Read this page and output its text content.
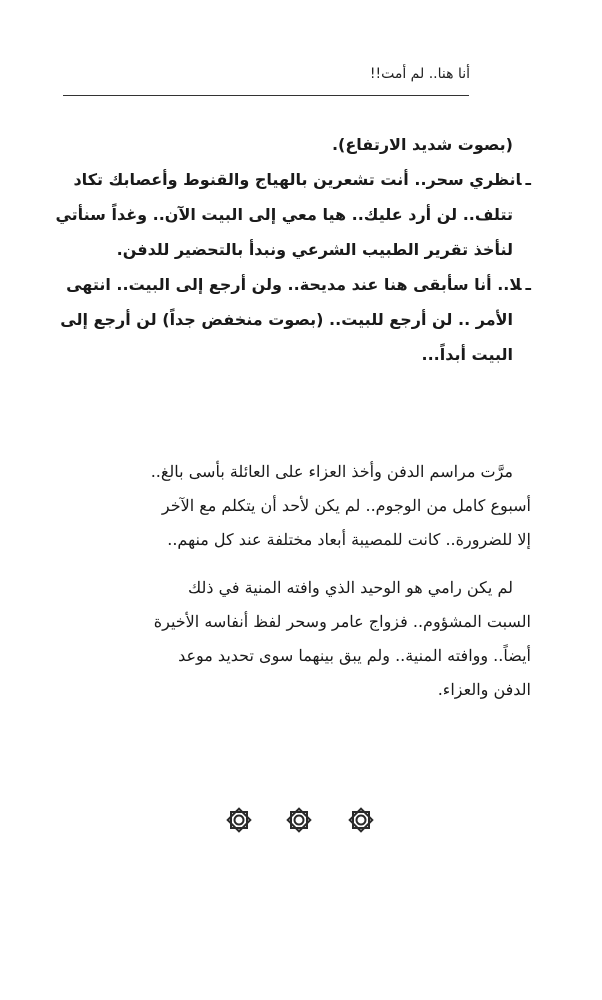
أنا هنا.. لم أمت!!
(بصوت شديد الارتفاع).
ـانظري سحر.. أنت تشعرين بالهياج والقنوط وأعصابك تكاد
تتلف.. لن أرد عليك.. هيا معي إلى البيت الآن.. وغداً سنأتي
لنأخذ تقرير الطبيب الشرعي ونبدأ بالتحضير للدفن.
ـلا.. أنا سأبقى هنا عند مديحة.. ولن أرجع إلى البيت.. انتهى
الأمر .. لن أرجع للبيت.. (بصوت منخفض جداً) لن أرجع إلى
البيت أبداً...
مرَّت مراسم الدفن وأخذ العزاء على العائلة بأسى بالغ..
أسبوع كامل من الوجوم.. لم يكن لأحد أن يتكلم مع الآخر
إلا للضرورة.. كانت للمصيبة أبعاد مختلفة عند كل منهم..
لم يكن رامي هو الوحيد الذي وافته المنية في ذلك
السبت المشؤوم.. فزواج عامر وسحر لفظ أنفاسه الأخيرة
أيضاً.. ووافته المنية.. ولم يبق بينهما سوى تحديد موعد
الدفن والعزاء.
